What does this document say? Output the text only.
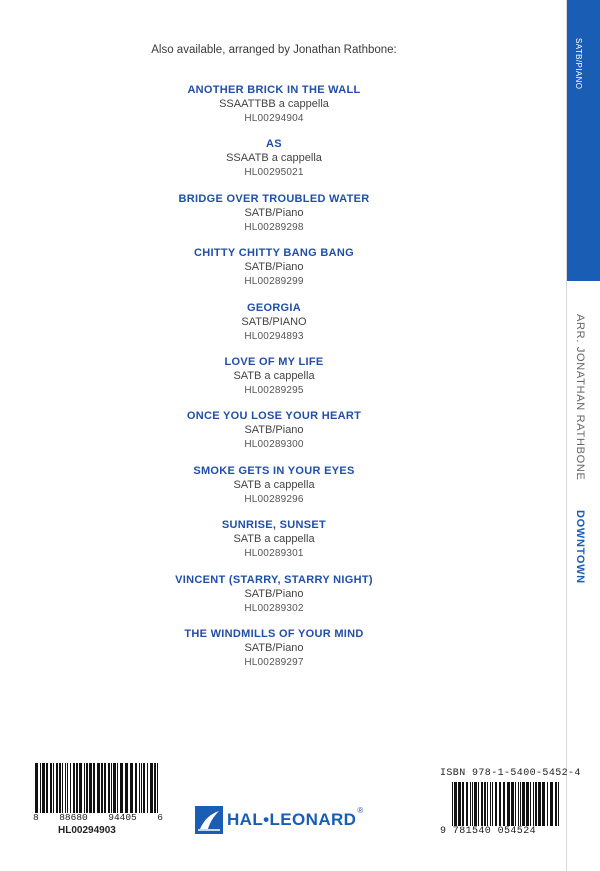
Also available, arranged by Jonathan Rathbone:
ANOTHER BRICK IN THE WALL
SSAATTBB a cappella
HL00294904
AS
SSAATB a cappella
HL00295021
BRIDGE OVER TROUBLED WATER
SATB/Piano
HL00289298
CHITTY CHITTY BANG BANG
SATB/Piano
HL00289299
GEORGIA
SATB/PIANO
HL00294893
LOVE OF MY LIFE
SATB a cappella
HL00289295
ONCE YOU LOSE YOUR HEART
SATB/Piano
HL00289300
SMOKE GETS IN YOUR EYES
SATB a cappella
HL00289296
SUNRISE, SUNSET
SATB a cappella
HL00289301
VINCENT (STARRY, STARRY NIGHT)
SATB/Piano
HL00289302
THE WINDMILLS OF YOUR MIND
SATB/Piano
HL00289297
SATB/PIANO
ARR. JONATHAN RATHBONE
DOWNTOWN
8 88680 94405 6
HL00294903
HAL•LEONARD ®
ISBN 978-1-5400-5452-4
9 781540 054524
